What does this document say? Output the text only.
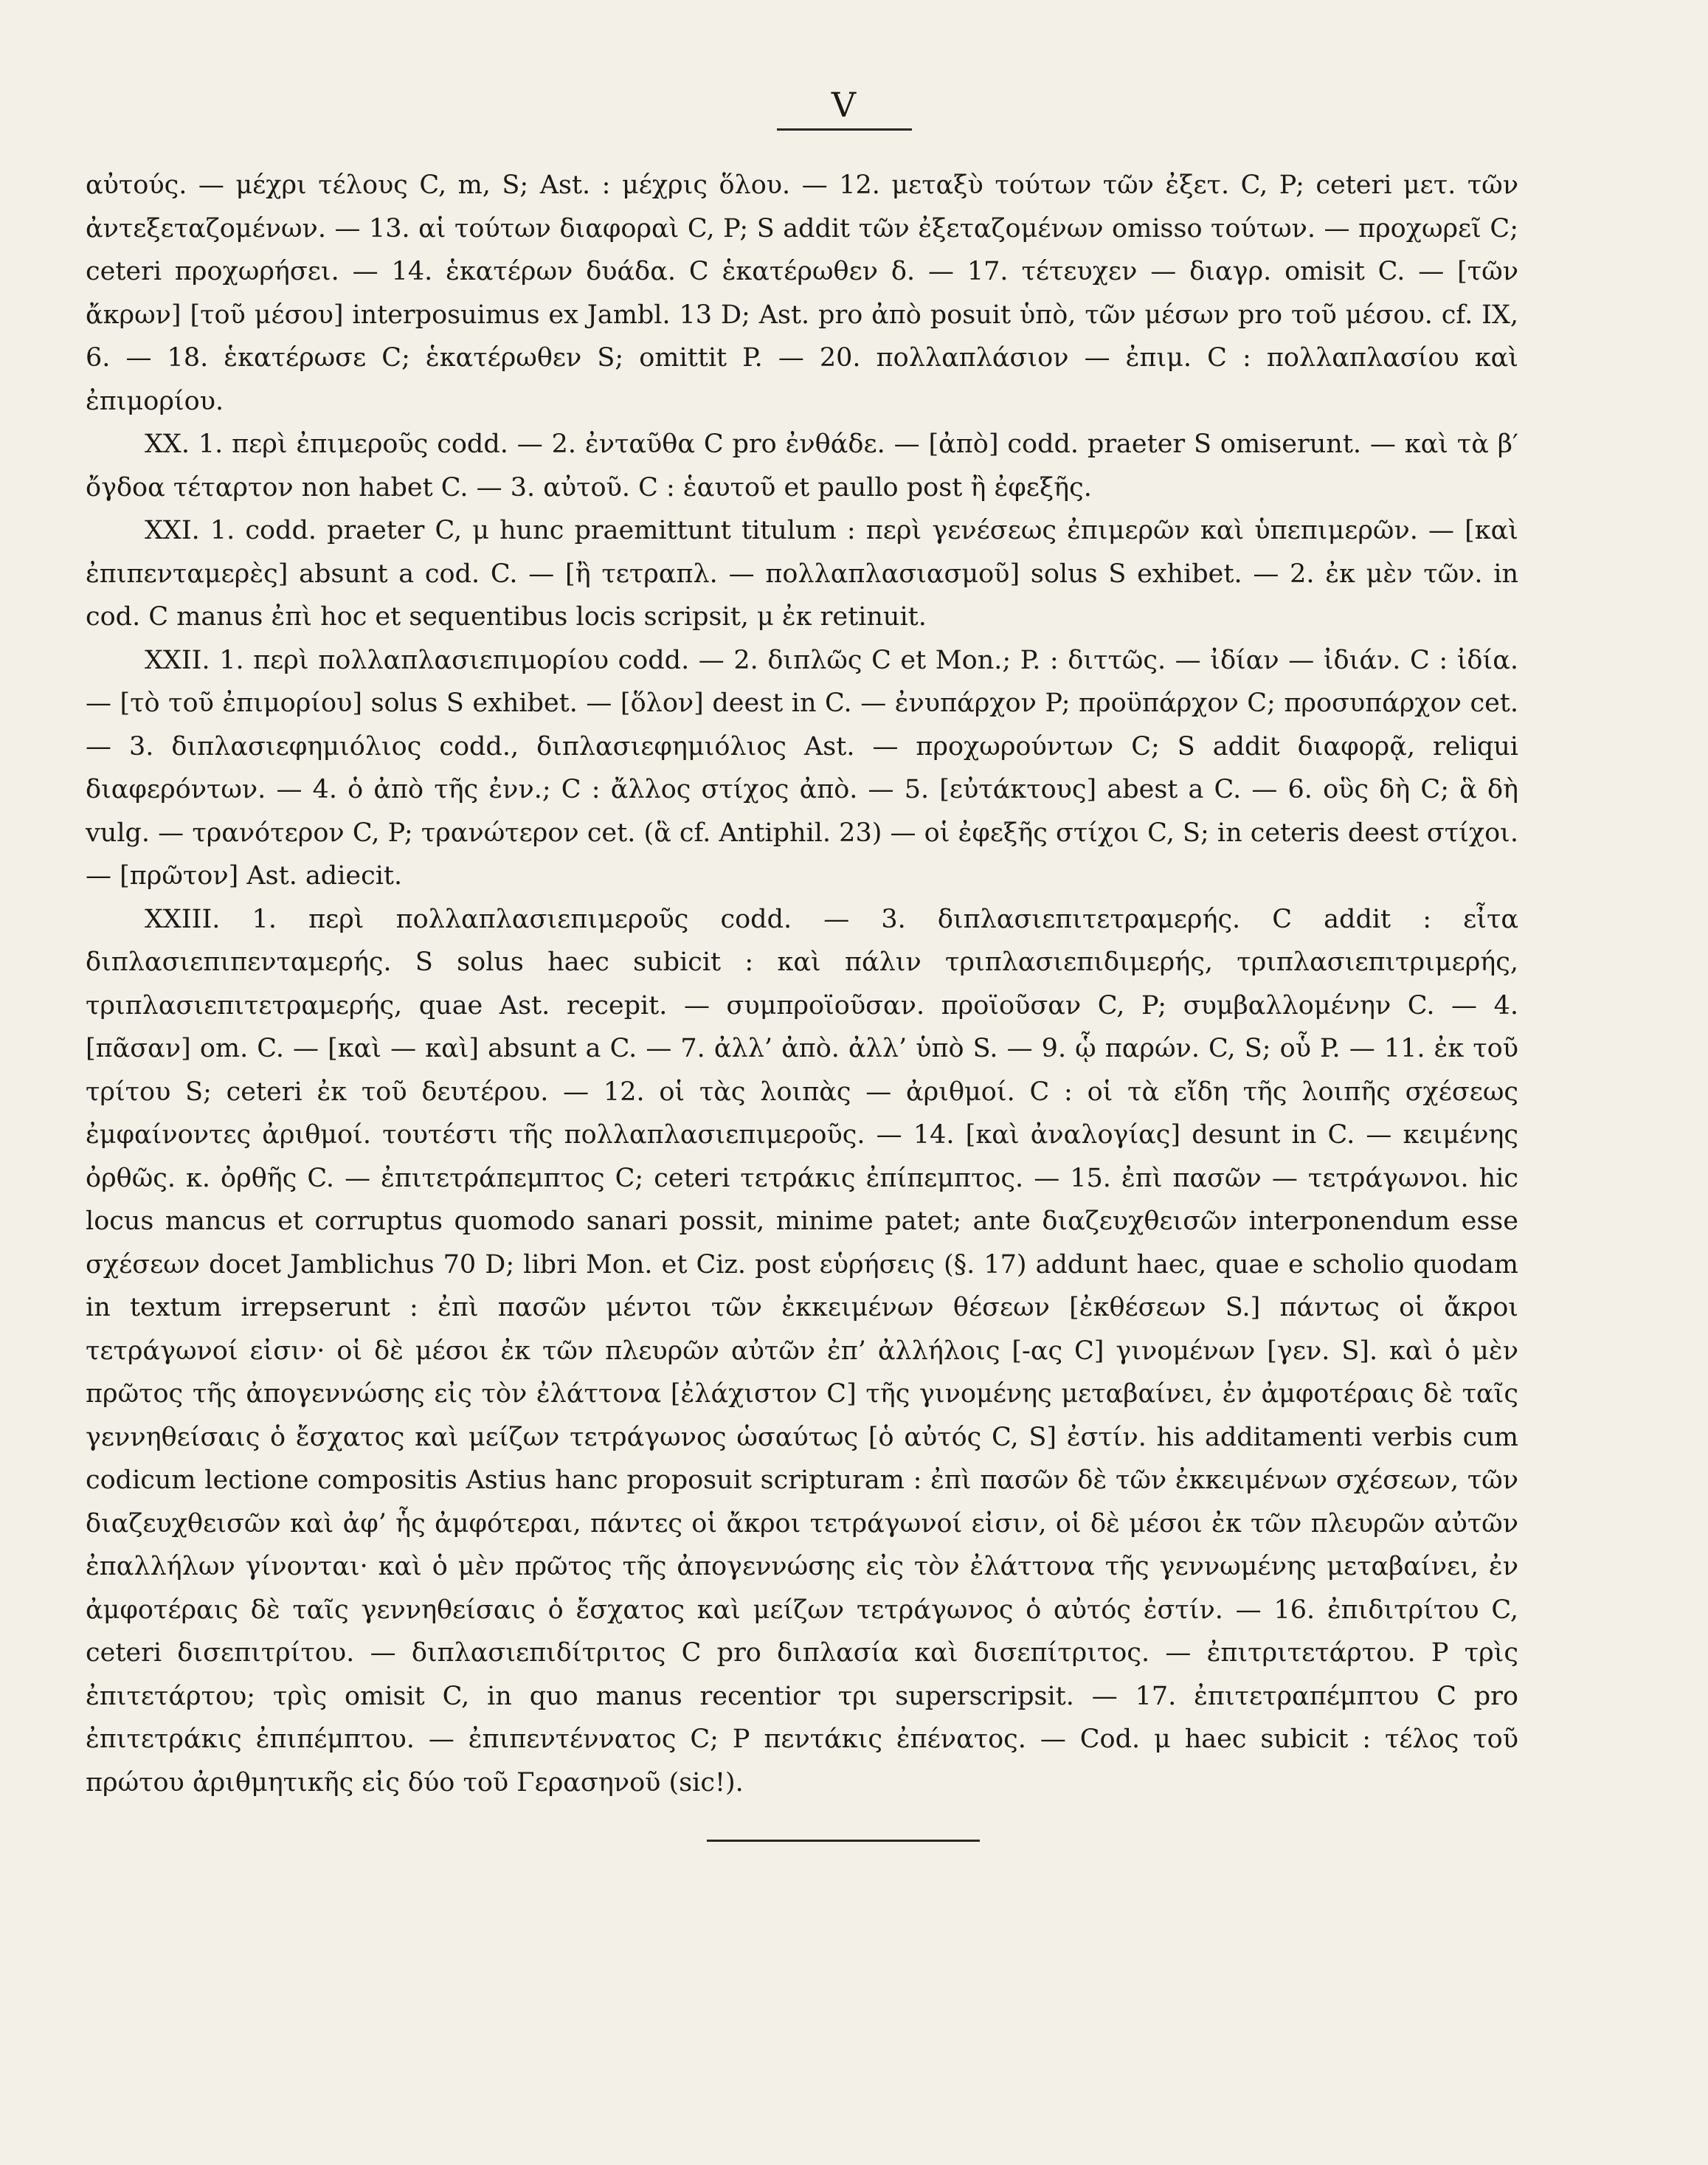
V

αὐτούς. — μέχρι τέλους C, m, S; Ast. : μέχρις ὅλου. — 12. μεταξὺ τούτων τῶν ἐξετ. C, P; ceteri μετ. τῶν ἀντεξεταζομένων. — 13. αἱ τούτων διαφοραὶ C, P; S addit τῶν ἐξεταζομένων omisso τούτων. — προχωρεῖ C; ceteri προχωρήσει. — 14. ἑκατέρων δυάδα. C ἑκατέρωθεν δ. — 17. τέτευχεν — διαγρ. omisit C. — [τῶν ἄκρων] [τοῦ μέσου] interposuimus ex Jambl. 13 D; Ast. pro ἀπὸ posuit ὑπὸ, τῶν μέσων pro τοῦ μέσου. cf. IX, 6. — 18. ἑκατέρωσε C; ἑκατέρωθεν S; omittit P. — 20. πολλαπλάσιον — ἐπιμ. C : πολλαπλασίου καὶ ἐπιμορίου.

XX. 1. περὶ ἐπιμεροῦς codd. — 2. ἐνταῦθα C pro ἐνθάδε. — [ἀπὸ] codd. praeter S omiserunt. — καὶ τὰ β′ ὄγδοα τέταρτον non habet C. — 3. αὐτοῦ. C : ἑαυτοῦ et paullo post ἢ ἐφεξῆς.

XXI. 1. codd. praeter C, μ hunc praemittunt titulum : περὶ γενέσεως ἐπιμερῶν καὶ ὑπεπιμερῶν. — [καὶ ἐπιπενταμερὲς] absunt a cod. C. — [ἢ τετραπλ. — πολλαπλασιασμοῦ] solus S exhibet. — 2. ἐκ μὲν τῶν. in cod. C manus ἐπὶ hoc et sequentibus locis scripsit, μ ἐκ retinuit.

XXII. 1. περὶ πολλαπλασιεπιμορίου codd. — 2. διπλῶς C et Mon.; P. : διττῶς. — ἰδίαν — ἰδιάν. C : ἰδία. — [τὸ τοῦ ἐπιμορίου] solus S exhibet. — [ὅλον] deest in C. — ἐνυπάρχον P; προϋπάρχον C; προσυπάρχον cet. — 3. διπλασιεφημιόλιος codd., διπλασιεφημιόλιος Ast. — προχωρούντων C; S addit διαφορᾷ, reliqui διαφερόντων. — 4. ὁ ἀπὸ τῆς ἐνν.; C : ἄλλος στίχος ἀπὸ. — 5. [εὐτάκτους] abest a C. — 6. οὓς δὴ C; ἃ δὴ vulg. — τρανότερον C, P; τρανώτερον cet. (ἃ cf. Antiphil. 23) — οἱ ἐφεξῆς στίχοι C, S; in ceteris deest στίχοι. — [πρῶτον] Ast. adiecit.

XXIII. 1. περὶ πολλαπλασιεπιμεροῦς codd. — 3. διπλασιεπιτετραμερής. C addit : εἶτα διπλασιεπιπενταμερής. S solus haec subicit : καὶ πάλιν τριπλασιεπιδιμερής, τριπλασιεπιτριμερής, τριπλασιεπιτετραμερής, quae Ast. recepit. — συμπροϊοῦσαν. προϊοῦσαν C, P; συμβαλλομένην C. — 4. [πᾶσαν] om. C. — [καὶ — καὶ] absunt a C. — 7. ἀλλ’ ἀπὸ. ἀλλ’ ὑπὸ S. — 9. ᾧ παρών. C, S; οὗ P. — 11. ἐκ τοῦ τρίτου S; ceteri ἐκ τοῦ δευτέρου. — 12. οἱ τὰς λοιπὰς — ἀριθμοί. C : οἱ τὰ εἴδη τῆς λοιπῆς σχέσεως ἐμφαίνοντες ἀριθμοί. τουτέστι τῆς πολλαπλασιεπιμεροῦς. — 14. [καὶ ἀναλογίας] desunt in C. — κειμένης ὀρθῶς. κ. ὀρθῆς C. — ἐπιτετράπεμπτος C; ceteri τετράκις ἐπίπεμπτος. — 15. ἐπὶ πασῶν — τετράγωνοι. hic locus mancus et corruptus quomodo sanari possit, minime patet; ante διαζευχθεισῶν interponendum esse σχέσεων docet Jamblichus 70 D; libri Mon. et Ciz. post εὑρήσεις (§. 17) addunt haec, quae e scholio quodam in textum irrepserunt : ἐπὶ πασῶν μέντοι τῶν ἐκκειμένων θέσεων [ἐκθέσεων S.] πάντως οἱ ἄκροι τετράγωνοί εἰσιν· οἱ δὲ μέσοι ἐκ τῶν πλευρῶν αὐτῶν ἐπ’ ἀλλήλοις [-ας C] γινομένων [γεν. S]. καὶ ὁ μὲν πρῶτος τῆς ἀπογεννώσης εἰς τὸν ἐλάττονα [ἐλάχιστον C] τῆς γινομένης μεταβαίνει, ἐν ἀμφοτέραις δὲ ταῖς γεννηθείσαις ὁ ἔσχατος καὶ μείζων τετράγωνος ὡσαύτως [ὁ αὐτός C, S] ἐστίν. his additamenti verbis cum codicum lectione compositis Astius hanc proposuit scripturam : ἐπὶ πασῶν δὲ τῶν ἐκκειμένων σχέσεων, τῶν διαζευχθεισῶν καὶ ἀφ’ ἧς ἀμφότεραι, πάντες οἱ ἄκροι τετράγωνοί εἰσιν, οἱ δὲ μέσοι ἐκ τῶν πλευρῶν αὐτῶν ἐπαλλήλων γίνονται· καὶ ὁ μὲν πρῶτος τῆς ἀπογεννώσης εἰς τὸν ἐλάττονα τῆς γεννωμένης μεταβαίνει, ἐν ἀμφοτέραις δὲ ταῖς γεννηθείσαις ὁ ἔσχατος καὶ μείζων τετράγωνος ὁ αὐτός ἐστίν. — 16. ἐπιδιτρίτου C, ceteri δισεπιτρίτου. — διπλασιεπιδίτριτος C pro διπλασία καὶ δισεπίτριτος. — ἐπιτριτετάρτου. P τρὶς ἐπιτετάρτου; τρὶς omisit C, in quo manus recentior τρι superscripsit. — 17. ἐπιτετραπέμπτου C pro ἐπιτετράκις ἐπιπέμπτου. — ἐπιπεντέννατος C; P πεντάκις ἐπένατος. — Cod. μ haec subicit : τέλος τοῦ πρώτου ἀριθμητικῆς εἰς δύο τοῦ Γερασηνοῦ (sic!).
